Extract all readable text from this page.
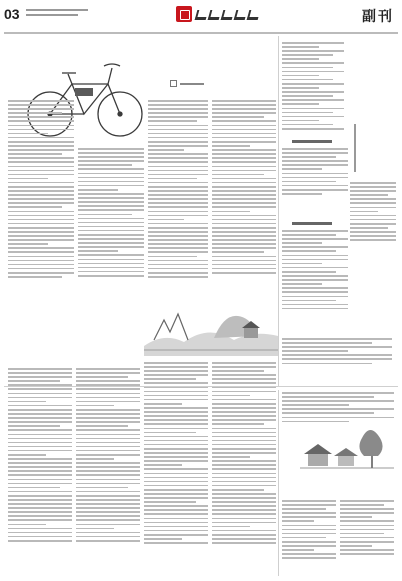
03	副刊
